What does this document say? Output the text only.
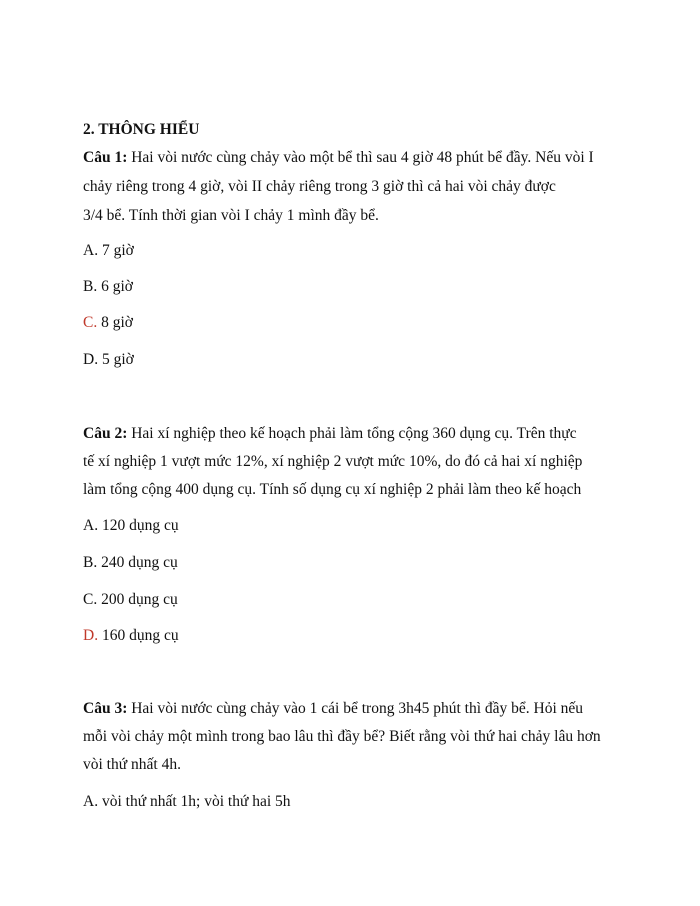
2. THÔNG HIỂU
Câu 1: Hai vòi nước cùng chảy vào một bể thì sau 4 giờ 48 phút bể đầy. Nếu vòi I
chảy riêng trong 4 giờ, vòi II chảy riêng trong 3 giờ thì cả hai vòi chảy được
3/4 bể. Tính thời gian vòi I chảy 1 mình đầy bể.
A. 7 giờ
B. 6 giờ
C. 8 giờ
D. 5 giờ
Câu 2: Hai xí nghiệp theo kế hoạch phải làm tổng cộng 360 dụng cụ. Trên thực
tế xí nghiệp 1 vượt mức 12%, xí nghiệp 2 vượt mức 10%, do đó cả hai xí nghiệp
làm tổng cộng 400 dụng cụ. Tính số dụng cụ xí nghiệp 2 phải làm theo kế hoạch
A. 120 dụng cụ
B. 240 dụng cụ
C. 200 dụng cụ
D. 160 dụng cụ
Câu 3: Hai vòi nước cùng chảy vào 1 cái bể trong 3h45 phút thì đầy bể. Hỏi nếu
mỗi vòi chảy một mình trong bao lâu thì đầy bể? Biết rằng vòi thứ hai chảy lâu hơn
vòi thứ nhất 4h.
A. vòi thứ nhất 1h; vòi thứ hai 5h
